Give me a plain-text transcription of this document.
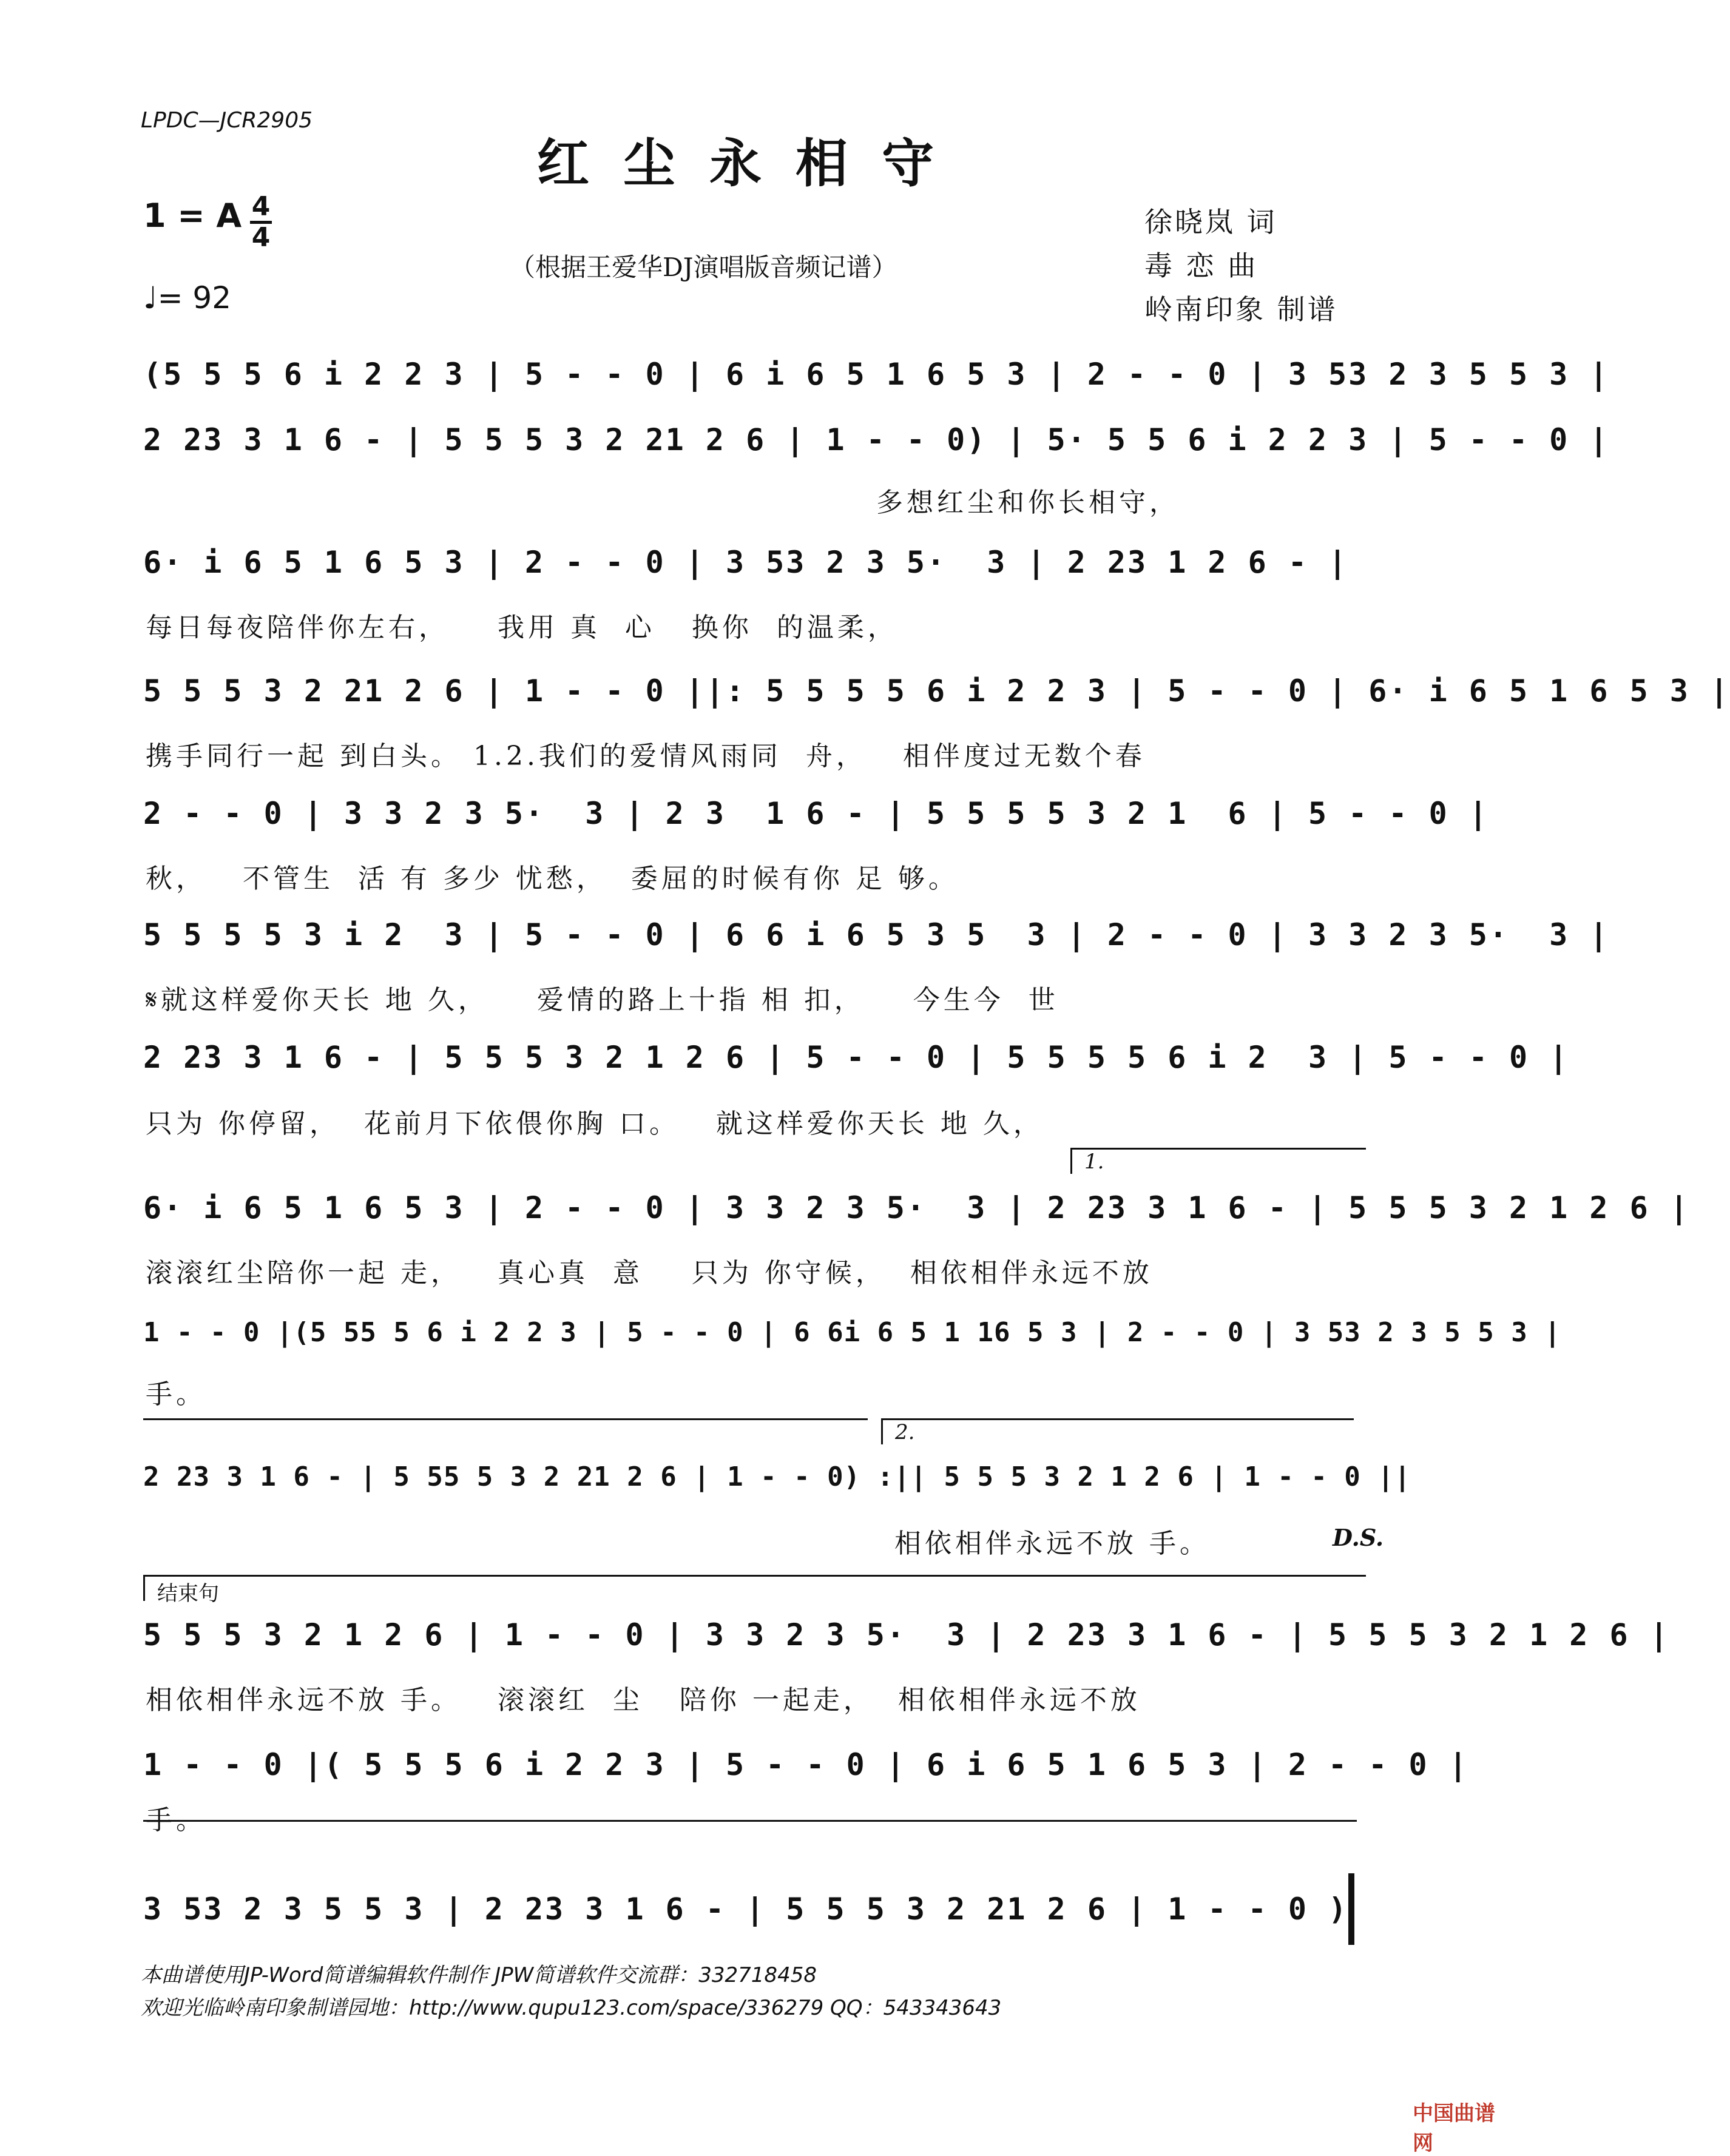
LPDC—JCR2905
红尘永相守
1 = A 4
4
♩= 92
（根据王爱华DJ演唱版音频记谱）
徐晓岚 词
毒 恋 曲
岭南印象 制谱
(5 5 5 6 i 2 2 3 | 5 - - 0 | 6 i 6 5 1 6 5 3 | 2 - - 0 | 3 53 2 3 5 5 3 |
2 23 3 1 6 - | 5 5 5 3 2 21 2 6 | 1 - - 0) | 5· 5 5 6 i 2 2 3 | 5 - - 0 |
多想红尘和你长相守，
6· i 6 5 1 6 5 3 | 2 - - 0 | 3 53 2 3 5·  3 | 2 23 1 2 6 - |
每日每夜陪伴你左右，    我用 真  心   换你  的温柔，
5 5 5 3 2 21 2 6 | 1 - - 0 ||: 5 5 5 5 6 i 2 2 3 | 5 - - 0 | 6· i 6 5 1 6 5 3 |
携手同行一起 到白头。 1.2.我们的爱情风雨同  舟，   相伴度过无数个春
2 - - 0 | 3 3 2 3 5·  3 | 2 3  1 6 - | 5 5 5 5 3 2 1  6 | 5 - - 0 |
秋，   不管生  活 有 多少 忧愁，  委屈的时候有你 足 够。
5 5 5 5 3 i 2  3 | 5 - - 0 | 6 6 i 6 5 3 5  3 | 2 - - 0 | 3 3 2 3 5·  3 |
𝄋就这样爱你天长 地 久，    爱情的路上十指 相 扣，    今生今  世
2 23 3 1 6 - | 5 5 5 3 2 1 2 6 | 5 - - 0 | 5 5 5 5 6 i 2  3 | 5 - - 0 |
只为 你停留，  花前月下依偎你胸 口。   就这样爱你天长 地 久，
1.
6· i 6 5 1 6 5 3 | 2 - - 0 | 3 3 2 3 5·  3 | 2 23 3 1 6 - | 5 5 5 3 2 1 2 6 |
滚滚红尘陪你一起 走，   真心真  意    只为 你守候，  相依相伴永远不放
1 - - 0 |(5 55 5 6 i 2 2 3 | 5 - - 0 | 6 6i 6 5 1 16 5 3 | 2 - - 0 | 3 53 2 3 5 5 3 |
手。
2.
2 23 3 1 6 - | 5 55 5 3 2 21 2 6 | 1 - - 0) :|| 5 5 5 3 2 1 2 6 | 1 - - 0 ||
相依相伴永远不放 手。	D.S.
结束句
5 5 5 3 2 1 2 6 | 1 - - 0 | 3 3 2 3 5·  3 | 2 23 3 1 6 - | 5 5 5 3 2 1 2 6 |
相依相伴永远不放 手。   滚滚红  尘   陪你 一起走，  相依相伴永远不放
1 - - 0 |( 5 5 5 6 i 2 2 3 | 5 - - 0 | 6 i 6 5 1 6 5 3 | 2 - - 0 |
手。
3 53 2 3 5 5 3 | 2 23 3 1 6 - | 5 5 5 3 2 21 2 6 | 1 - - 0 )
本曲谱使用JP-Word简谱编辑软件制作 JPW简谱软件交流群：332718458
欢迎光临岭南印象制谱园地：http://www.qupu123.com/space/336279 QQ：543343643
中国曲谱网
